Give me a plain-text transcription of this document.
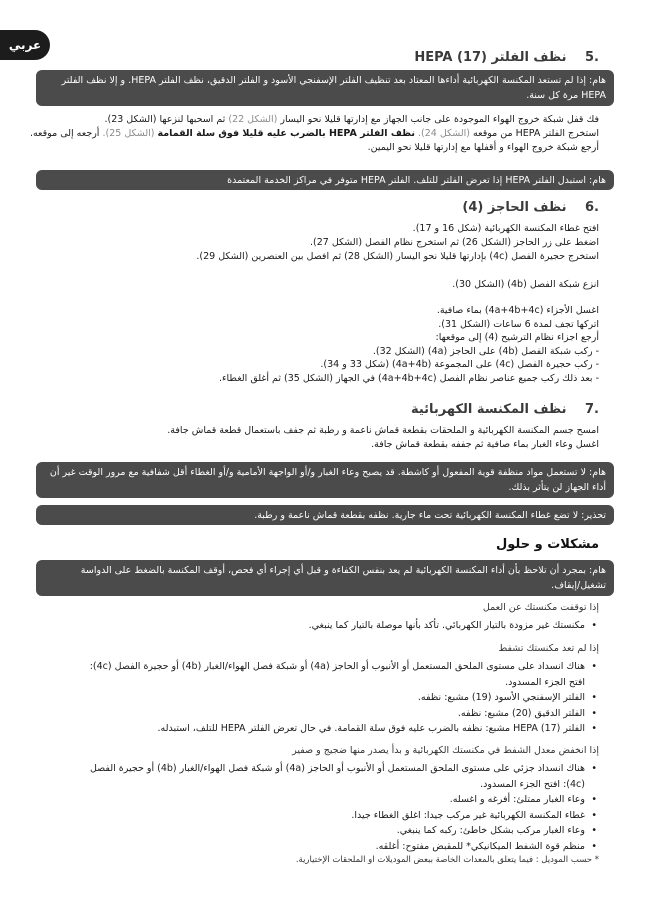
عربي
.5 نظف الفلتر HEPA (17)
هام: إذا لم تستعد المكنسة الكهربائية أداءها المعتاد بعد تنظيف الفلتر الإسفنجي الأسود و الفلتر الدقيق، نظف الفلتر HEPA. و إلا نظف الفلتر
HEPA مرة كل سنة.
فك قفل شبكة خروج الهواء الموجودة على جانب الجهاز مع إدارتها قليلا نحو اليسار (الشكل 22) ثم اسحبها لنزعها (الشكل 23).
استخرج الفلتر HEPA من موقعه (الشكل 24). نظف الفلتر HEPA بالضرب عليه قليلا فوق سلة القمامة (الشكل 25). أرجعه إلى موقعه.
أرجع شبكة خروج الهواء و أقفلها مع إدارتها قليلا نحو اليمين.
هام: استبدل الفلتر HEPA إذا تعرض الفلتر للتلف. الفلتر HEPA متوفر في مراكز الخدمة المعتمدة
.6 نظف الحاجز (4)
افتح غطاء المكنسة الكهربائية (شكل 16 و 17).
اضغط على زر الحاجز (الشكل 26) ثم استخرج نظام الفصل (الشكل 27).
استخرج حجيرة الفصل (4c) بإدارتها قليلا نحو اليسار (الشكل 28) ثم افصل بين العنصرين (الشكل 29).
انزع شبكة الفصل (4b) (الشكل 30).
اغسل الأجزاء (4a+4b+4c) بماء صافية.
اتركها تجف لمدة 6 ساعات (الشكل 31).
أرجع اجزاء نظام الترشيح (4) إلى موقعها:
- ركب شبكة الفصل (4b) على الحاجز (4a) (الشكل 32).
- ركب حجيرة الفصل (4c) على المجموعة (4a+4b) (شكل 33 و 34).
- بعد ذلك ركب جميع عناصر نظام الفصل (4a+4b+4c) في الجهاز (الشكل 35) ثم أغلق الغطاء.
.7 نظف المكنسة الكهربائية
امسح جسم المكنسة الكهربائية و الملحقات بقطعة قماش ناعمة و رطبة ثم جفف باستعمال قطعة قماش جافة.
اغسل وعاء الغبار بماء صافية ثم جففه بقطعة قماش جافة.
هام: لا تستعمل مواد منظفة قوية المفعول أو كاشطة. قد يصبح وعاء الغبار و/أو الواجهة الأمامية و/أو الغطاء أقل شفافية مع مرور الوقت غير أن
أداء الجهاز لن يتأثر بذلك.
تحذير: لا تضع غطاء المكنسة الكهربائية تحت ماء جارية. نظفه بقطعة قماش ناعمة و رطبة.
مشكلات و حلول
هام: بمجرد أن تلاحظ بأن أداء المكنسة الكهربائية لم يعد بنفس الكفاءة و قبل أي إجراء أي فحص، أوقف المكنسة بالضغط على الدواسة
تشغيل/إيقاف.
إذا توقفت مكنستك عن العمل
• مكنستك غير مزودة بالتيار الكهربائي. تأكد بأنها موصلة بالتيار كما ينبغي.
إذا لم تعد مكنستك تشفط
• هناك انسداد على مستوى الملحق المستعمل أو الأنبوب أو الحاجز (4a) أو شبكة فصل الهواء/الغبار (4b) أو حجيرة الفصل (4c):
افتح الجزء المسدود.
• الفلتر الإسفنجي الأسود (19) مشبع: نظفه.
• الفلتر الدقيق (20) مشبع: نظفه.
• الفلتر HEPA (17) مشبع: نظفه بالضرب عليه فوق سلة القمامة. في حال تعرض الفلتر HEPA للتلف، استبدله.
إذا انخفض معدل الشفط في مكنستك الكهربائية و بدأ يصدر منها ضجيج و صفير
• هناك انسداد جزئي على مستوى الملحق المستعمل أو الأنبوب أو الحاجز (4a) أو شبكة فصل الهواء/الغبار (4b) أو حجيرة الفصل
(4c): افتح الجزء المسدود.
• وعاء الغبار ممتلئ: أفرغه و اغسله.
• غطاء المكنسة الكهربائية غير مركب جيدا: اغلق الغطاء جيدا.
• وعاء الغبار مركب بشكل خاطئ: ركبه كما ينبغي.
• منظم قوة الشفط الميكانيكي* للمقبض مفتوح: أغلقه.
* حسب الموديل : فيما يتعلق بالمعدات الخاصة ببعض الموديلات او الملحقات الإختيارية.
